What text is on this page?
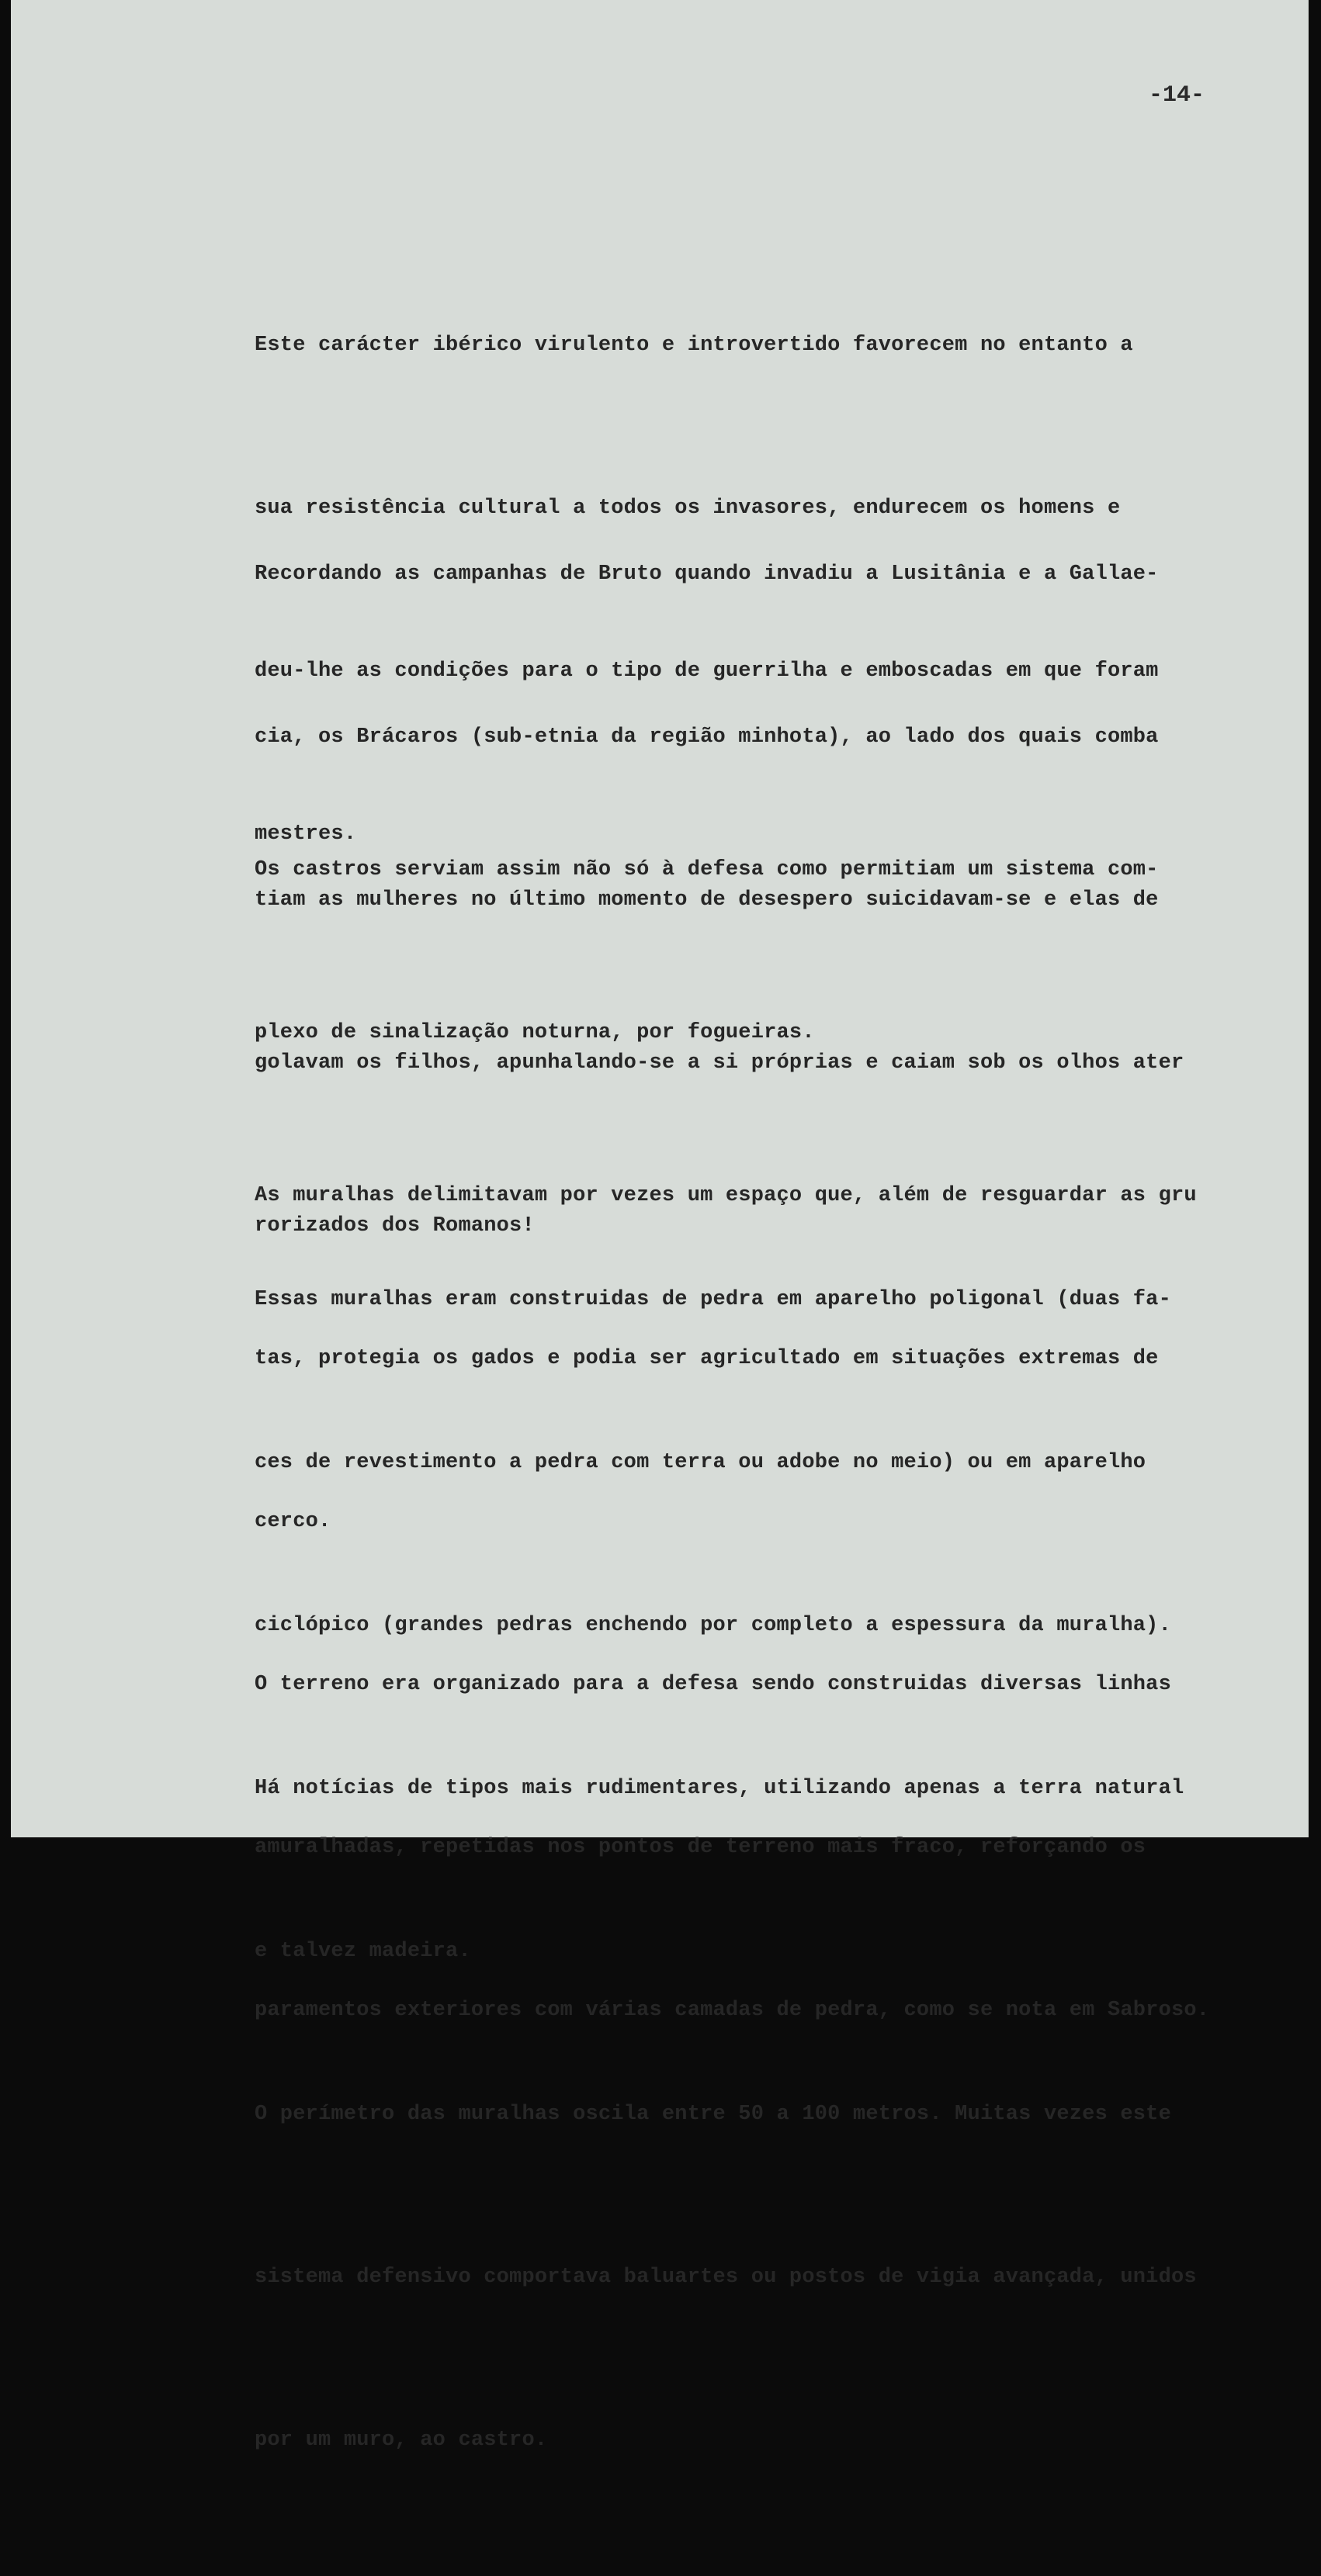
-14-

Este carácter ibérico virulento e introvertido favorecem no entanto a

sua resistência cultural a todos os invasores, endurecem os homens e

deu-lhe as condições para o tipo de guerrilha e emboscadas em que foram

mestres.

Recordando as campanhas de Bruto quando invadiu a Lusitânia e a Gallae-

cia, os Brácaros (sub-etnia da região minhota), ao lado dos quais comba

tiam as mulheres no último momento de desespero suicidavam-se e elas de

golavam os filhos, apunhalando-se a si próprias e caiam sob os olhos ater

rorizados dos Romanos!

Os castros serviam assim não só à defesa como permitiam um sistema com-

plexo de sinalização noturna, por fogueiras.

As muralhas delimitavam por vezes um espaço que, além de resguardar as gru

tas, protegia os gados e podia ser agricultado em situações extremas de

cerco.

O terreno era organizado para a defesa sendo construidas diversas linhas

amuralhadas, repetidas nos pontos de terreno mais fraco, reforçando os

paramentos exteriores com várias camadas de pedra, como se nota em Sabroso.

Essas muralhas eram construidas de pedra em aparelho poligonal (duas fa-

ces de revestimento a pedra com terra ou adobe no meio) ou em aparelho

ciclópico (grandes pedras enchendo por completo a espessura da muralha).

Há notícias de tipos mais rudimentares, utilizando apenas a terra natural

e talvez madeira.

O perímetro das muralhas oscila entre 50 a 100 metros. Muitas vezes este

sistema defensivo comportava baluartes ou postos de vigia avançada, unidos

por um muro, ao castro.
